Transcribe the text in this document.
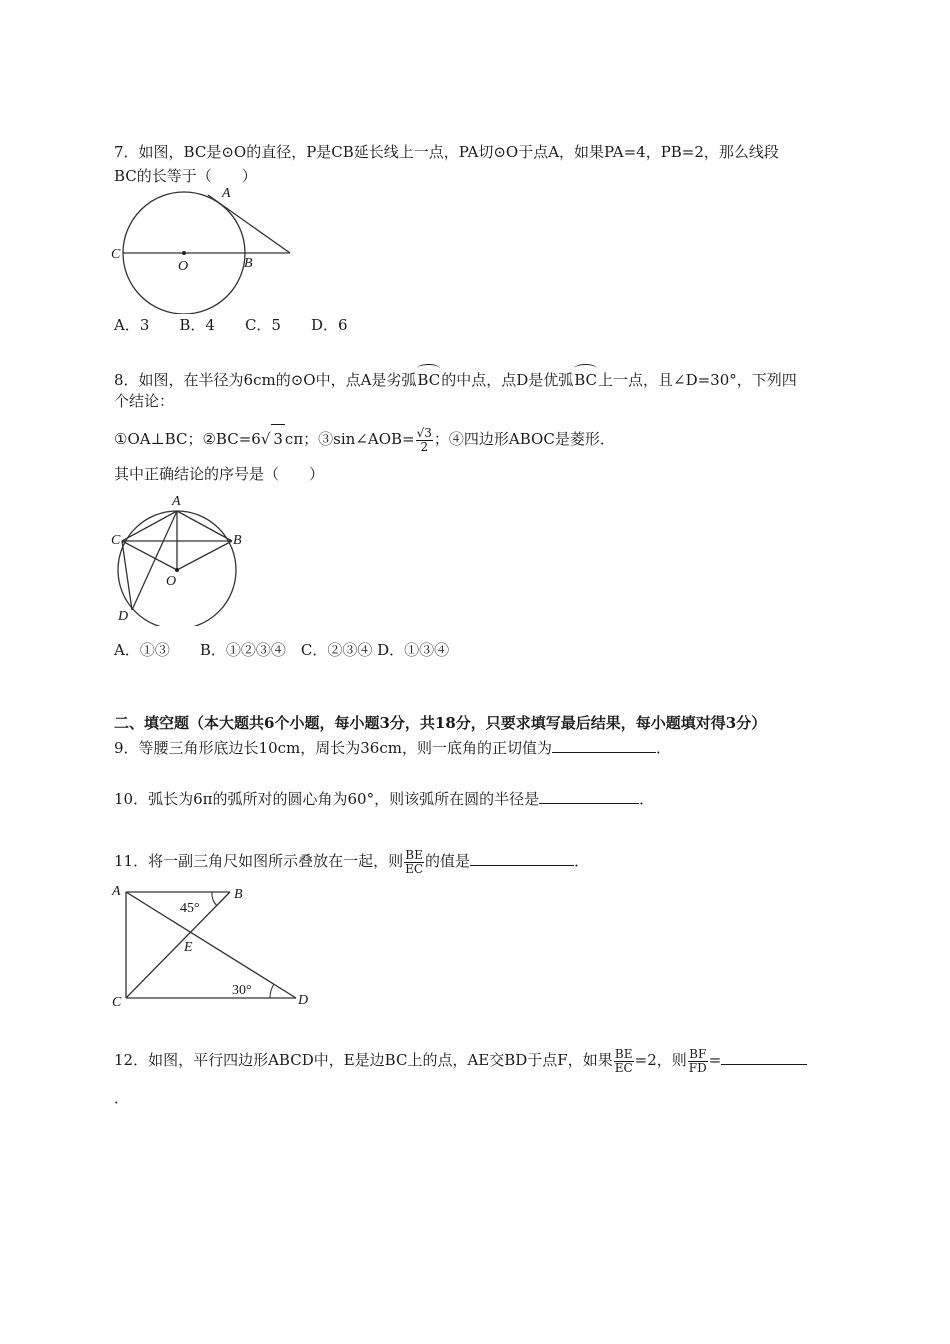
7．如图，BC是⊙O的直径，P是CB延长线上一点，PA切⊙O于点A，如果PA=4，PB=2，那么线段
BC的长等于（　　）
A
C
O	B
A．3　　B．4　　C．5　　D．6
8．如图，在半径为6cm的⊙O中，点A是劣弧BC的中点，点D是优弧BC上一点，且∠D=30°，下列四
个结论：
①OA⊥BC；②BC=6√ 3 cπ；③sin∠AOB= $\frac{√3}{2}$ ；④四边形ABOC是菱形．
其中正确结论的序号是（　　）
A
C	B
O
D
A．①③　　B．①②③④　C．②③④ D．①③④
二、填空题（本大题共6个小题，每小题3分，共18分，只要求填写最后结果，每小题填对得3分）
9．等腰三角形底边长10cm，周长为36cm，则一底角的正切值为	．
10．弧长为6π的弧所对的圆心角为60°，则该弧所在圆的半径是	．
11．将一副三角尺如图所示叠放在一起，则 $\frac{BE}{EC}$ 的值是	．
A	B
C	D
E
45°
30°
12．如图，平行四边形ABCD中，E是边BC上的点，AE交BD于点F，如果 $\frac{BE}{EC} =2$，则 $\frac{BF}{FD}$ =
．
